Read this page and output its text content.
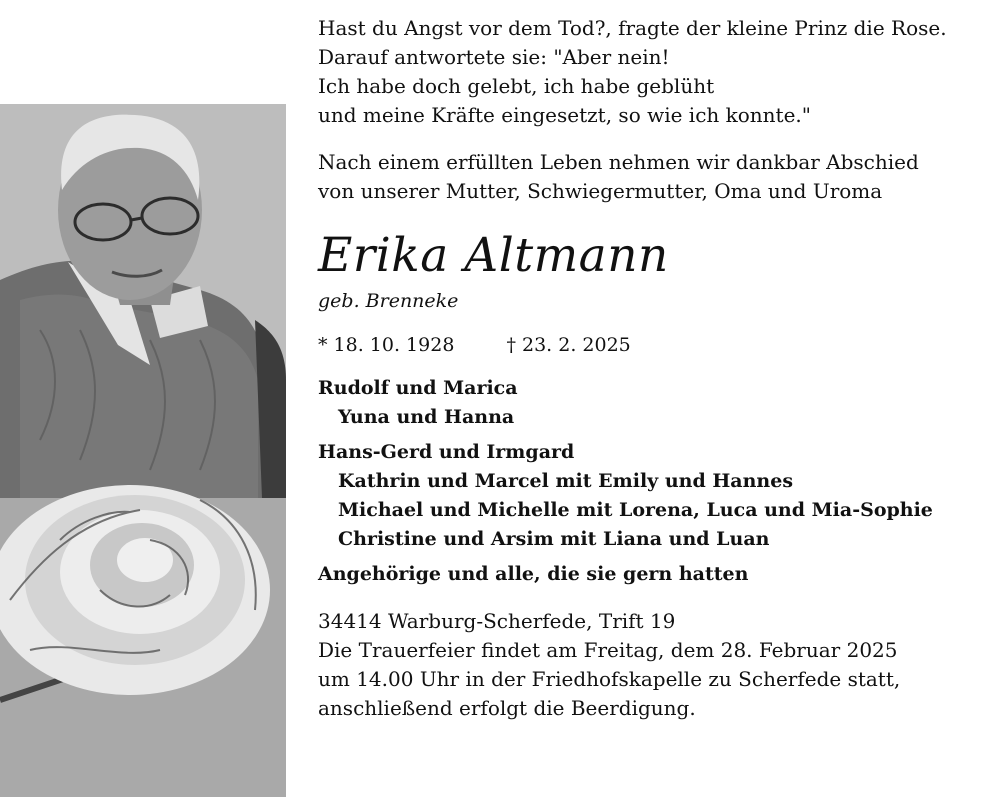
Hast du Angst vor dem Tod?, fragte der kleine Prinz die Rose.

Darauf antwortete sie: "Aber nein!

Ich habe doch gelebt, ich habe geblüht

und meine Kräfte eingesetzt, so wie ich konnte."

Nach einem erfüllten Leben nehmen wir dankbar Abschied

von unserer Mutter, Schwiegermutter, Oma und Uroma

Erika Altmann
geb. Brenneke
* 18. 10. 1928	† 23. 2. 2025
Rudolf und Marica
Yuna und Hanna
Hans-Gerd und Irmgard
Kathrin und Marcel mit Emily und Hannes
Michael und Michelle mit Lorena, Luca und Mia-Sophie
Christine und Arsim mit Liana und Luan
Angehörige und alle, die sie gern hatten
34414 Warburg-Scherfede, Trift 19

Die Trauerfeier findet am Freitag, dem 28. Februar 2025

um 14.00 Uhr in der Friedhofskapelle zu Scherfede statt,

anschließend erfolgt die Beerdigung.
